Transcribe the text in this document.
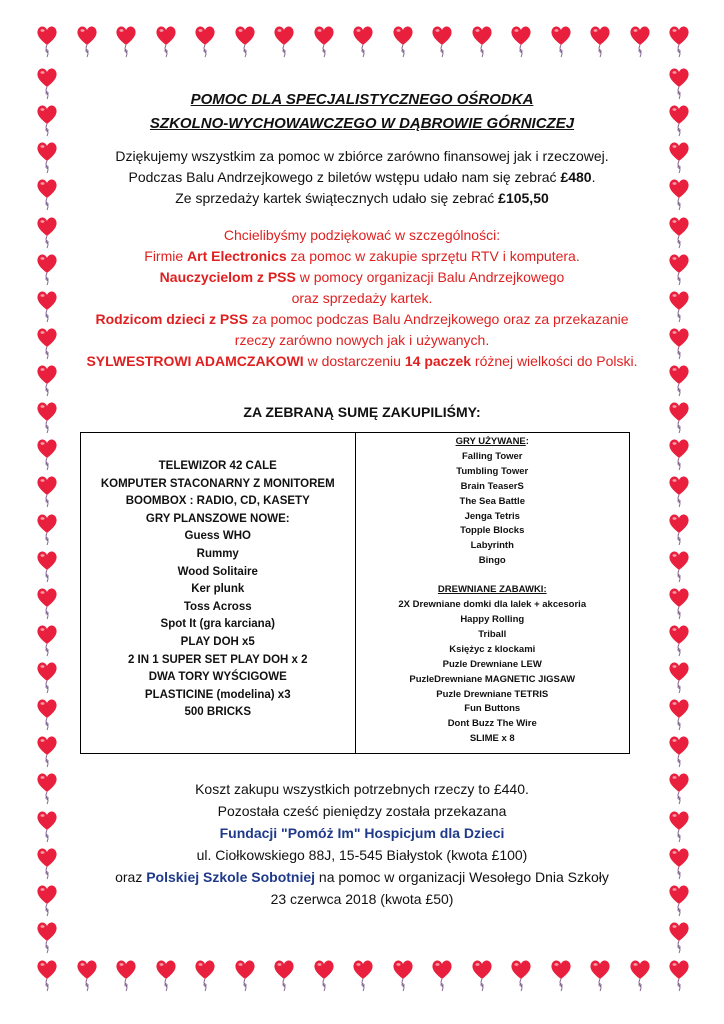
POMOC DLA SPECJALISTYCZNEGO OŚRODKA

SZKOLNO-WYCHOWAWCZEGO W DĄBROWIE GÓRNICZEJ

Dziękujemy wszystkim za pomoc w zbiórce zarówno finansowej jak i rzeczowej.

Podczas Balu Andrzejkowego z biletów wstępu udało nam się zebrać £480.

Ze sprzedaży kartek świątecznych udało się zebrać £105,50

Chcielibyśmy podziękować w szczególności:

Firmie Art Electronics za pomoc w zakupie sprzętu RTV i komputera.

Nauczycielom z PSS w pomocy organizacji Balu Andrzejkowego

oraz sprzedaży kartek.

Rodzicom dzieci z PSS za pomoc podczas Balu Andrzejkowego oraz za przekazanie

rzeczy zarówno nowych jak i używanych.

SYLWESTROWI ADAMCZAKOWI w dostarczeniu 14 paczek różnej wielkości do Polski.

ZA ZEBRANĄ SUMĘ ZAKUPILIŚMY:

TELEWIZOR 42 CALE
KOMPUTER STACONARNY Z MONITOREM
BOOMBOX : RADIO, CD, KASETY
GRY PLANSZOWE NOWE:
Guess WHO
Rummy
Wood Solitaire
Ker plunk
Toss Across
Spot It (gra karciana)
PLAY DOH x5
2 IN 1 SUPER SET PLAY DOH x 2
DWA TORY WYŚCIGOWE
PLASTICINE (modelina) x3
500 BRICKS

GRY UŻYWANE:
Falling Tower
Tumbling Tower
Brain TeaserS
The Sea Battle
Jenga Tetris
Topple Blocks
Labyrinth
Bingo
DREWNIANE ZABAWKI:
2X Drewniane domki dla lalek + akcesoria
Happy Rolling
Triball
Księżyc z klockami
Puzle Drewniane LEW
PuzleDrewniane MAGNETIC JIGSAW
Puzle Drewniane TETRIS
Fun Buttons
Dont Buzz The Wire
SLIME x 8

Koszt zakupu wszystkich potrzebnych rzeczy to £440.

Pozostała cześć pieniędzy została przekazana

Fundacji "Pomóż Im" Hospicjum dla Dzieci

ul. Ciołkowskiego 88J, 15-545 Białystok (kwota £100)

oraz Polskiej Szkole Sobotniej na pomoc w organizacji Wesołego Dnia Szkoły

23 czerwca 2018 (kwota £50)
